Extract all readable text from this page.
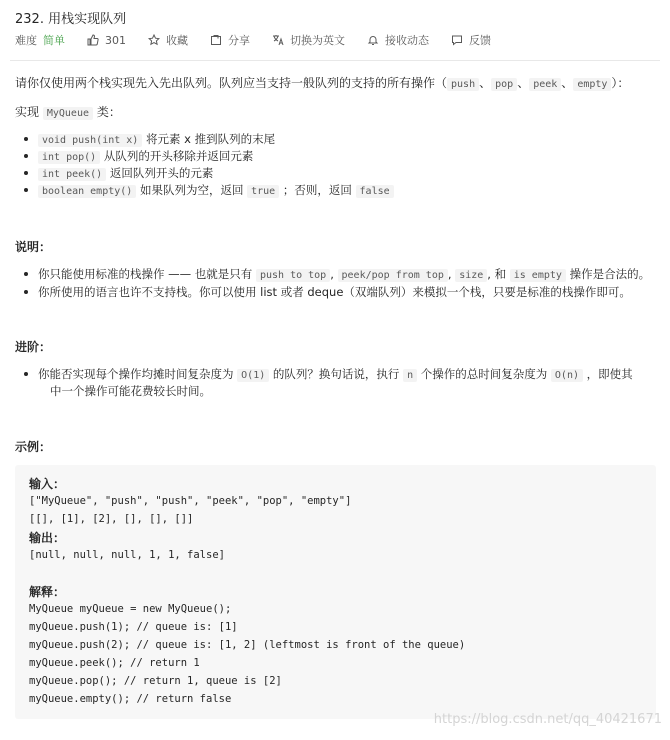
232. 用栈实现队列
难度 简单	301	收藏	分享	切换为英文	接收动态	反馈
请你仅使用两个栈实现先入先出队列。队列应当支持一般队列的支持的所有操作（ push 、 pop 、 peek 、 empty ）：
实现 MyQueue 类：
void push(int x) 将元素 x 推到队列的末尾
int pop() 从队列的开头移除并返回元素
int peek() 返回队列开头的元素
boolean empty() 如果队列为空，返回 true ；否则，返回 false
说明：
你只能使用标准的栈操作 —— 也就是只有 push to top , peek/pop from top , size , 和 is empty 操作是合法的。
你所使用的语言也许不支持栈。你可以使用 list 或者 deque（双端队列）来模拟一个栈，只要是标准的栈操作即可。
进阶：
你能否实现每个操作均摊时间复杂度为 O(1) 的队列？换句话说，执行 n 个操作的总时间复杂度为 O(n) ，即使其
中一个操作可能花费较长时间。
示例：
输入：
["MyQueue", "push", "push", "peek", "pop", "empty"]
[[], [1], [2], [], [], []]
输出：
[null, null, null, 1, 1, false]
解释：
MyQueue myQueue = new MyQueue();
myQueue.push(1); // queue is: [1]
myQueue.push(2); // queue is: [1, 2] (leftmost is front of the queue)
myQueue.peek(); // return 1
myQueue.pop(); // return 1, queue is [2]
myQueue.empty(); // return false
https://blog.csdn.net/qq_40421671
